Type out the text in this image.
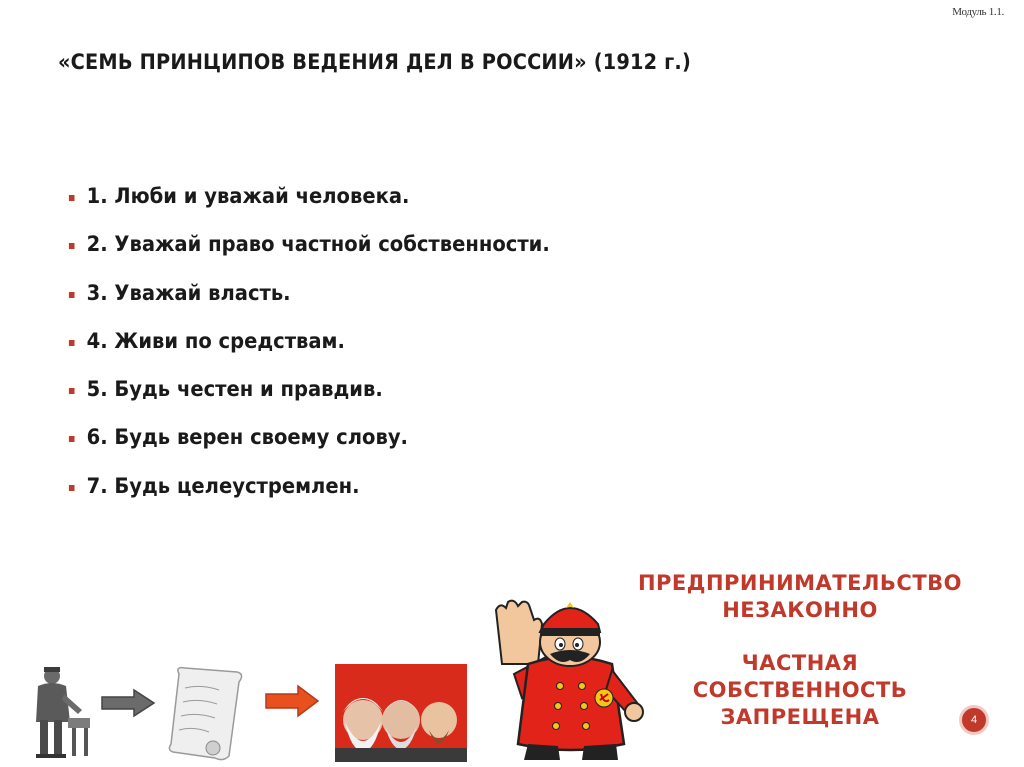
Модуль 1.1.
«СЕМЬ ПРИНЦИПОВ ВЕДЕНИЯ ДЕЛ В РОССИИ» (1912 г.)
1. Люби и уважай человека.
2. Уважай право частной собственности.
3. Уважай власть.
4. Живи по средствам.
5. Будь честен и правдив.
6. Будь верен своему слову.
7. Будь целеустремлен.
ПРЕДПРИНИМАТЕЛЬСТВО
НЕЗАКОННО
ЧАСТНАЯ
СОБСТВЕННОСТЬ
ЗАПРЕЩЕНА	4
